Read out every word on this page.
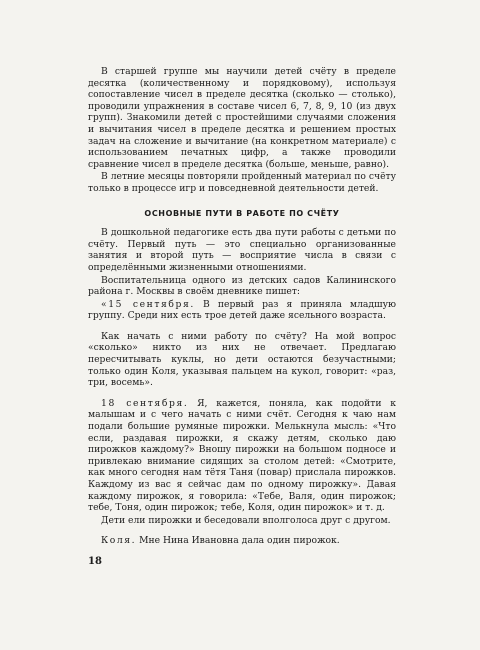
В старшей группе мы научили детей счёту в пределе десятка (количественному и порядковому), используя сопоставление чисел в пределе десятка (сколько — столько), проводили упражнения в составе чисел 6, 7, 8, 9, 10 (из двух групп). Знакомили детей с простейшими случаями сложения и вычитания чисел в пределе десятка и решением простых задач на сложение и вычитание (на конкретном материале) с использованием печатных цифр, а также проводили сравнение чисел в пределе десятка (больше, меньше, равно).

В летние месяцы повторяли пройденный материал по счёту только в процессе игр и повседневной деятельности детей.

ОСНОВНЫЕ ПУТИ В РАБОТЕ ПО СЧЁТУ

В дошкольной педагогике есть два пути работы с детьми по счёту. Первый путь — это специально организованные занятия и второй путь — восприятие числа в связи с определёнными жизненными отношениями.

Воспитательница одного из детских садов Калининского района г. Москвы в своём дневнике пишет:

«15 сентября. В первый раз я приняла младшую группу. Среди них есть трое детей даже ясельного возраста.

Как начать с ними работу по счёту? На мой вопрос «сколько» никто из них не отвечает. Предлагаю пересчитывать куклы, но дети остаются безучастными; только один Коля, указывая пальцем на кукол, говорит: «раз, три, восемь».

18 сентября. Я, кажется, поняла, как подойти к малышам и с чего начать с ними счёт. Сегодня к чаю нам подали большие румяные пирожки. Мелькнула мысль: «Что если, раздавая пирожки, я скажу детям, сколько даю пирожков каждому?» Вношу пирожки на большом подносе и привлекаю внимание сидящих за столом детей: «Смотрите, как много сегодня нам тётя Таня (повар) прислала пирожков. Каждому из вас я сейчас дам по одному пирожку». Давая каждому пирожок, я говорила: «Тебе, Валя, один пирожок; тебе, Тоня, один пирожок; тебе, Коля, один пирожок» и т. д.

Дети ели пирожки и беседовали вполголоса друг с другом.

Коля. Мне Нина Ивановна дала один пирожок.

18
